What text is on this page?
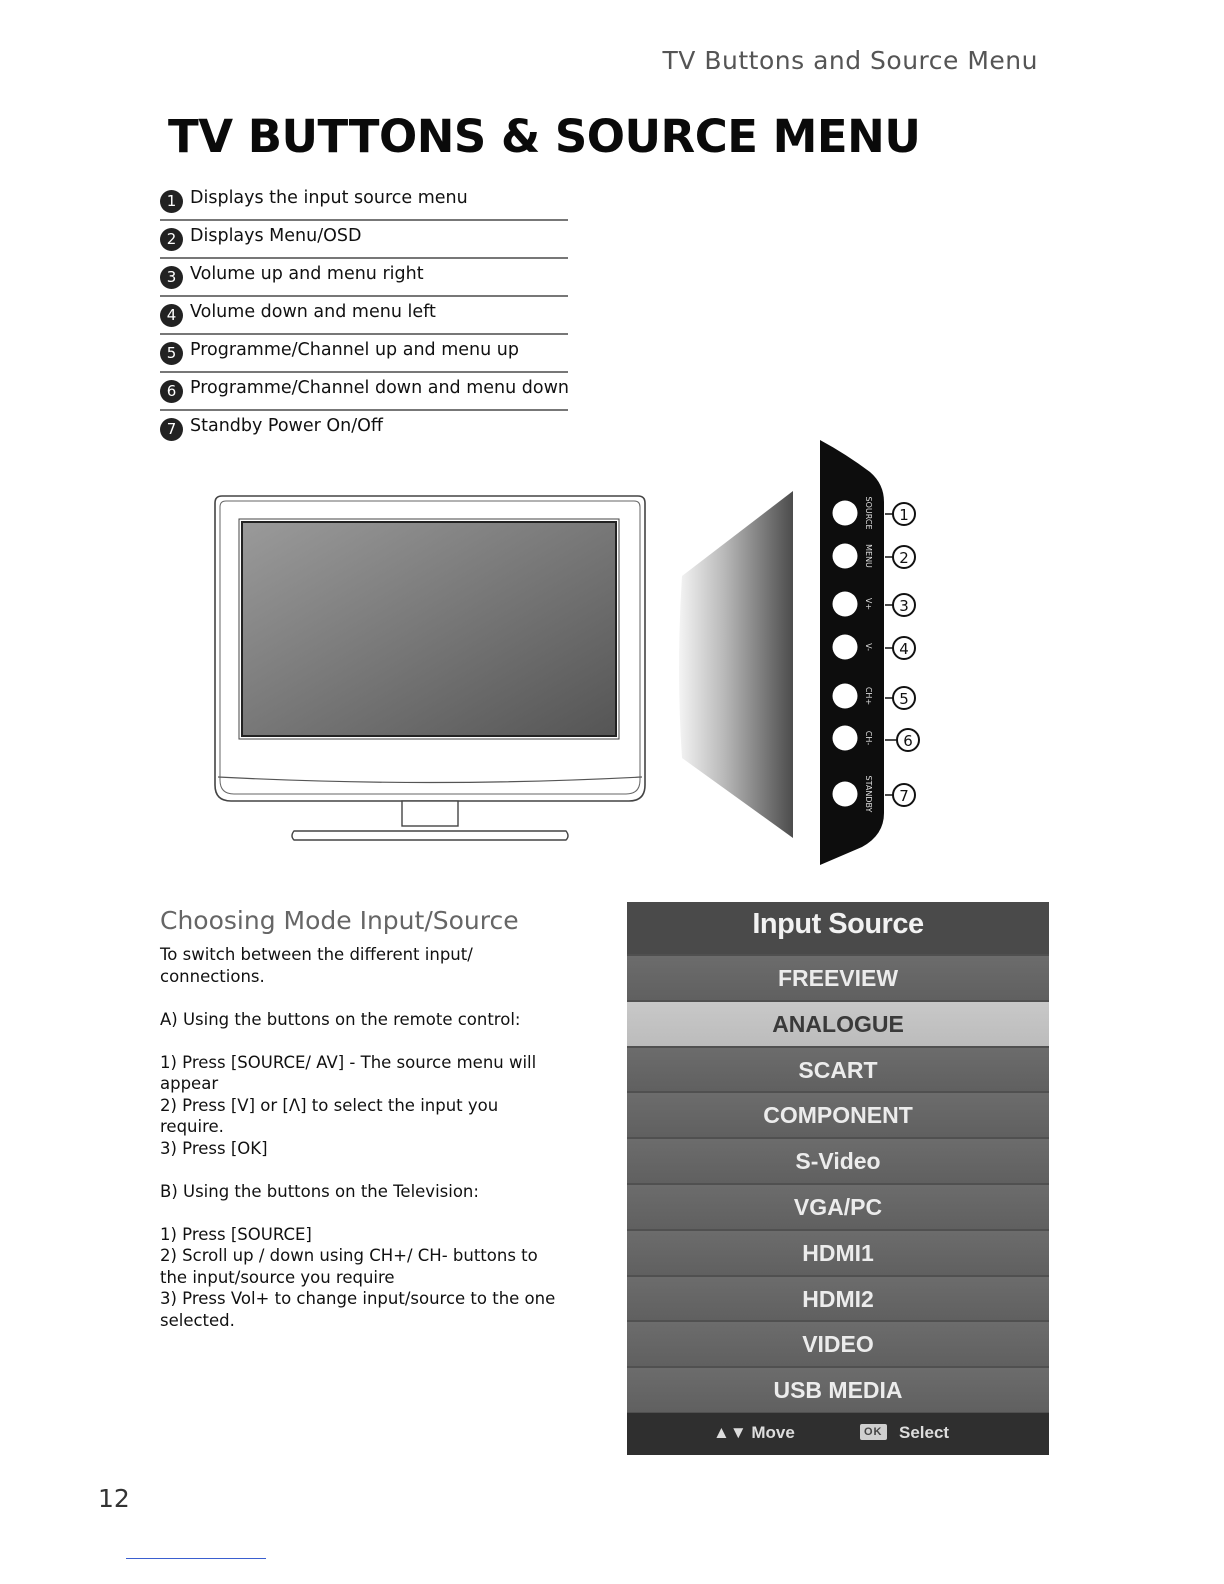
TV Buttons and Source Menu
TV BUTTONS & SOURCE MENU
1 Displays the input source menu
2 Displays Menu/OSD
3 Volume up and menu right
4 Volume down and menu left
5 Programme/Channel up and menu up
6 Programme/Channel down and menu down
7 Standby Power On/Off
SOURCE 1
MENU 2
V+ 3
V- 4
CH+ 5
CH- 6
STANDBY 7
Choosing Mode Input/Source

To switch between the different input/ connections.

A) Using the buttons on the remote control:

1) Press [SOURCE/ AV] - The source menu will appear
2) Press [V] or [Λ] to select the input you require.
3) Press [OK]

B) Using the buttons on the Television:

1) Press [SOURCE]
2) Scroll up / down using CH+/ CH- buttons to the input/source you require
3) Press Vol+ to change input/source to the one selected.
Input Source
FREEVIEW
ANALOGUE
SCART
COMPONENT
S-Video
VGA/PC
HDMI1
HDMI2
VIDEO
USB MEDIA
▲▼ Move	OK Select
12
